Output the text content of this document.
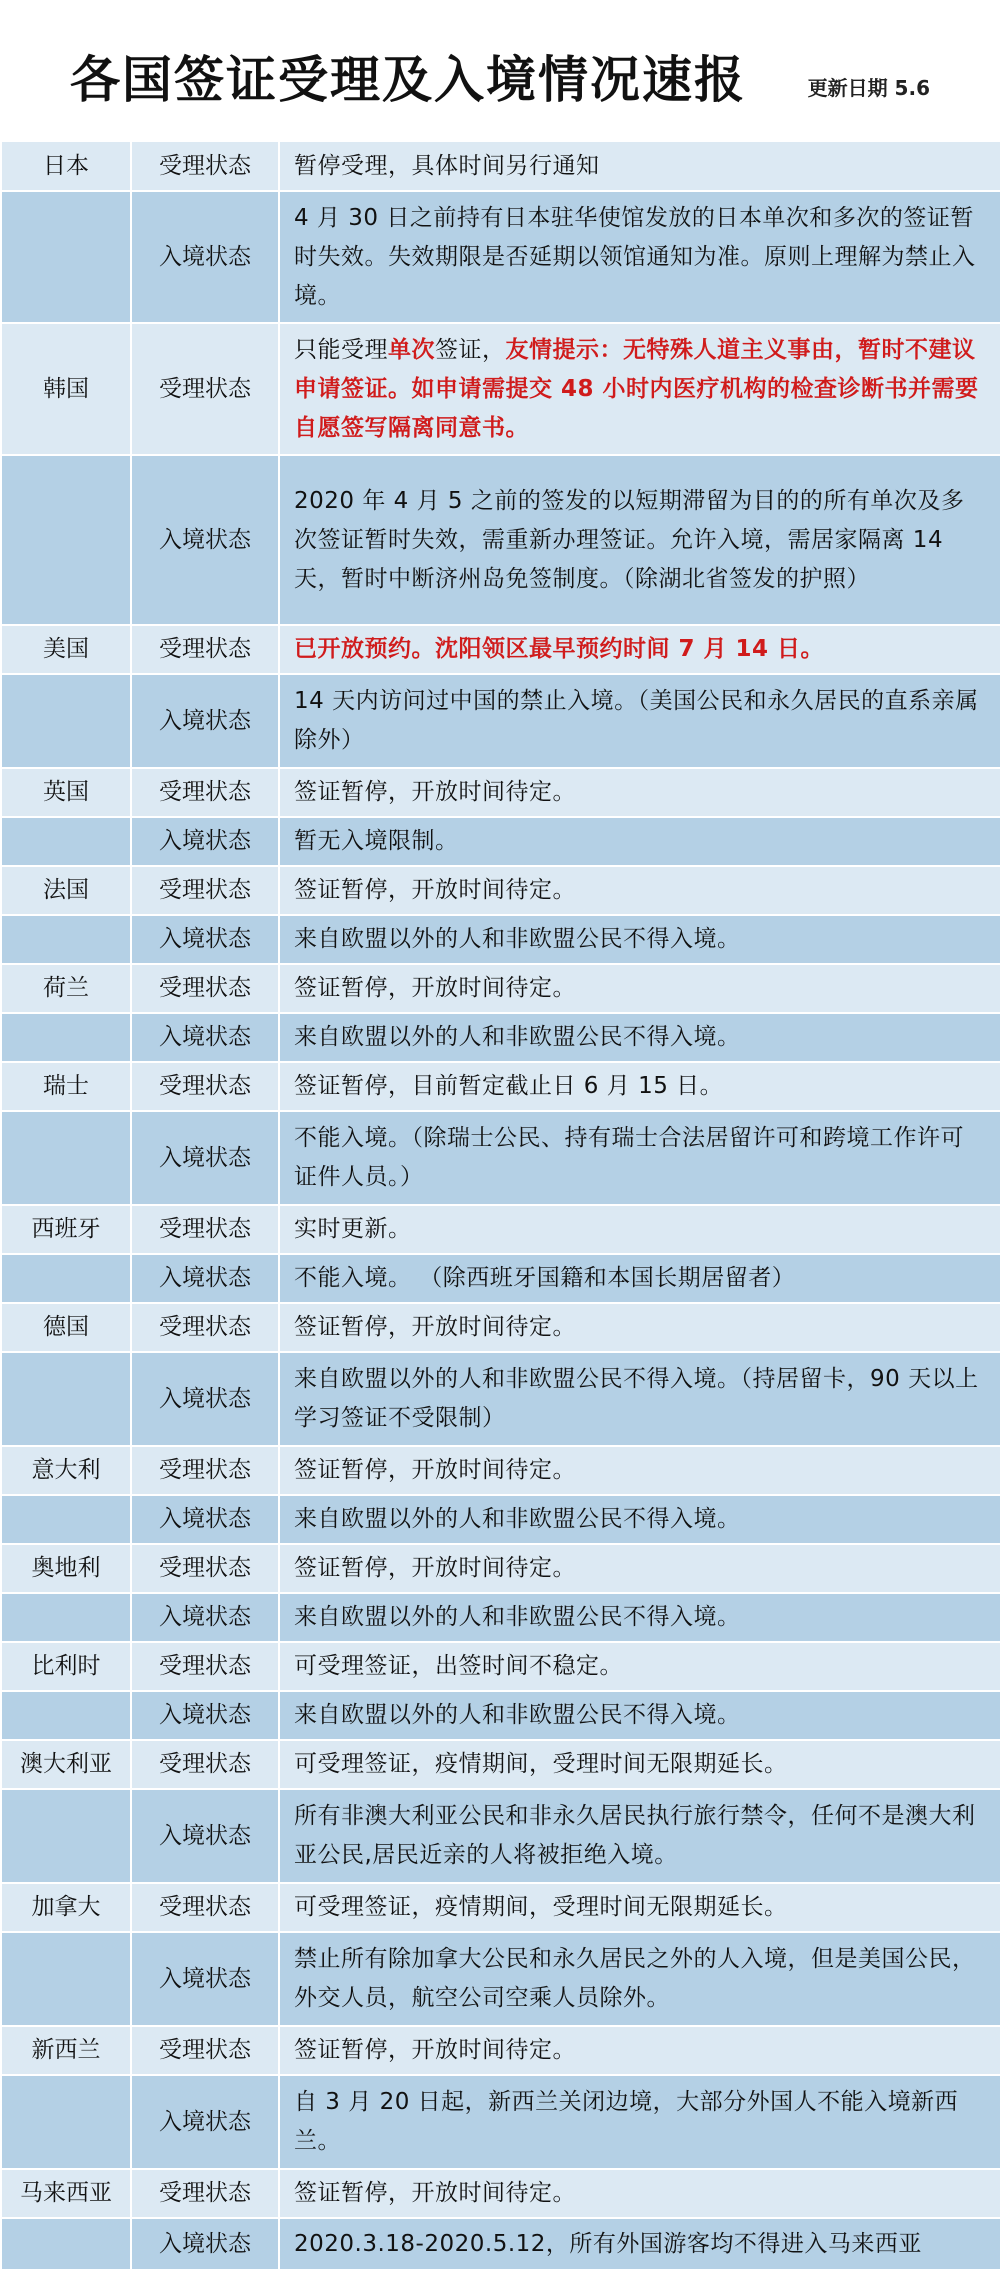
各国签证受理及入境情况速报	更新日期 5.6
日本	受理状态	暂停受理，具体时间另行通知
	入境状态	4 月 30 日之前持有日本驻华使馆发放的日本单次和多次的签证暂时失效。失效期限是否延期以领馆通知为准。原则上理解为禁止入境。
韩国	受理状态	只能受理单次签证，友情提示：无特殊人道主义事由，暂时不建议申请签证。如申请需提交 48 小时内医疗机构的检查诊断书并需要自愿签写隔离同意书。
	入境状态	2020 年 4 月 5 之前的签发的以短期滞留为目的的所有单次及多次签证暂时失效，需重新办理签证。允许入境，需居家隔离 14 天，暂时中断济州岛免签制度。（除湖北省签发的护照）
美国	受理状态	已开放预约。沈阳领区最早预约时间 7 月 14 日。
	入境状态	14 天内访问过中国的禁止入境。（美国公民和永久居民的直系亲属除外）
英国	受理状态	签证暂停，开放时间待定。
	入境状态	暂无入境限制。
法国	受理状态	签证暂停，开放时间待定。
	入境状态	来自欧盟以外的人和非欧盟公民不得入境。
荷兰	受理状态	签证暂停，开放时间待定。
	入境状态	来自欧盟以外的人和非欧盟公民不得入境。
瑞士	受理状态	签证暂停，目前暂定截止日 6 月 15 日。
	入境状态	不能入境。（除瑞士公民、持有瑞士合法居留许可和跨境工作许可证件人员。）
西班牙	受理状态	实时更新。
	入境状态	不能入境。 （除西班牙国籍和本国长期居留者）
德国	受理状态	签证暂停，开放时间待定。
	入境状态	来自欧盟以外的人和非欧盟公民不得入境。（持居留卡，90 天以上学习签证不受限制）
意大利	受理状态	签证暂停，开放时间待定。
	入境状态	来自欧盟以外的人和非欧盟公民不得入境。
奥地利	受理状态	签证暂停，开放时间待定。
	入境状态	来自欧盟以外的人和非欧盟公民不得入境。
比利时	受理状态	可受理签证，出签时间不稳定。
	入境状态	来自欧盟以外的人和非欧盟公民不得入境。
澳大利亚	受理状态	可受理签证，疫情期间，受理时间无限期延长。
	入境状态	所有非澳大利亚公民和非永久居民执行旅行禁令，任何不是澳大利亚公民,居民近亲的人将被拒绝入境。
加拿大	受理状态	可受理签证，疫情期间，受理时间无限期延长。
	入境状态	禁止所有除加拿大公民和永久居民之外的人入境，但是美国公民，外交人员，航空公司空乘人员除外。
新西兰	受理状态	签证暂停，开放时间待定。
	入境状态	自 3 月 20 日起，新西兰关闭边境，大部分外国人不能入境新西兰。
马来西亚	受理状态	签证暂停，开放时间待定。
	入境状态	2020.3.18-2020.5.12，所有外国游客均不得进入马来西亚
